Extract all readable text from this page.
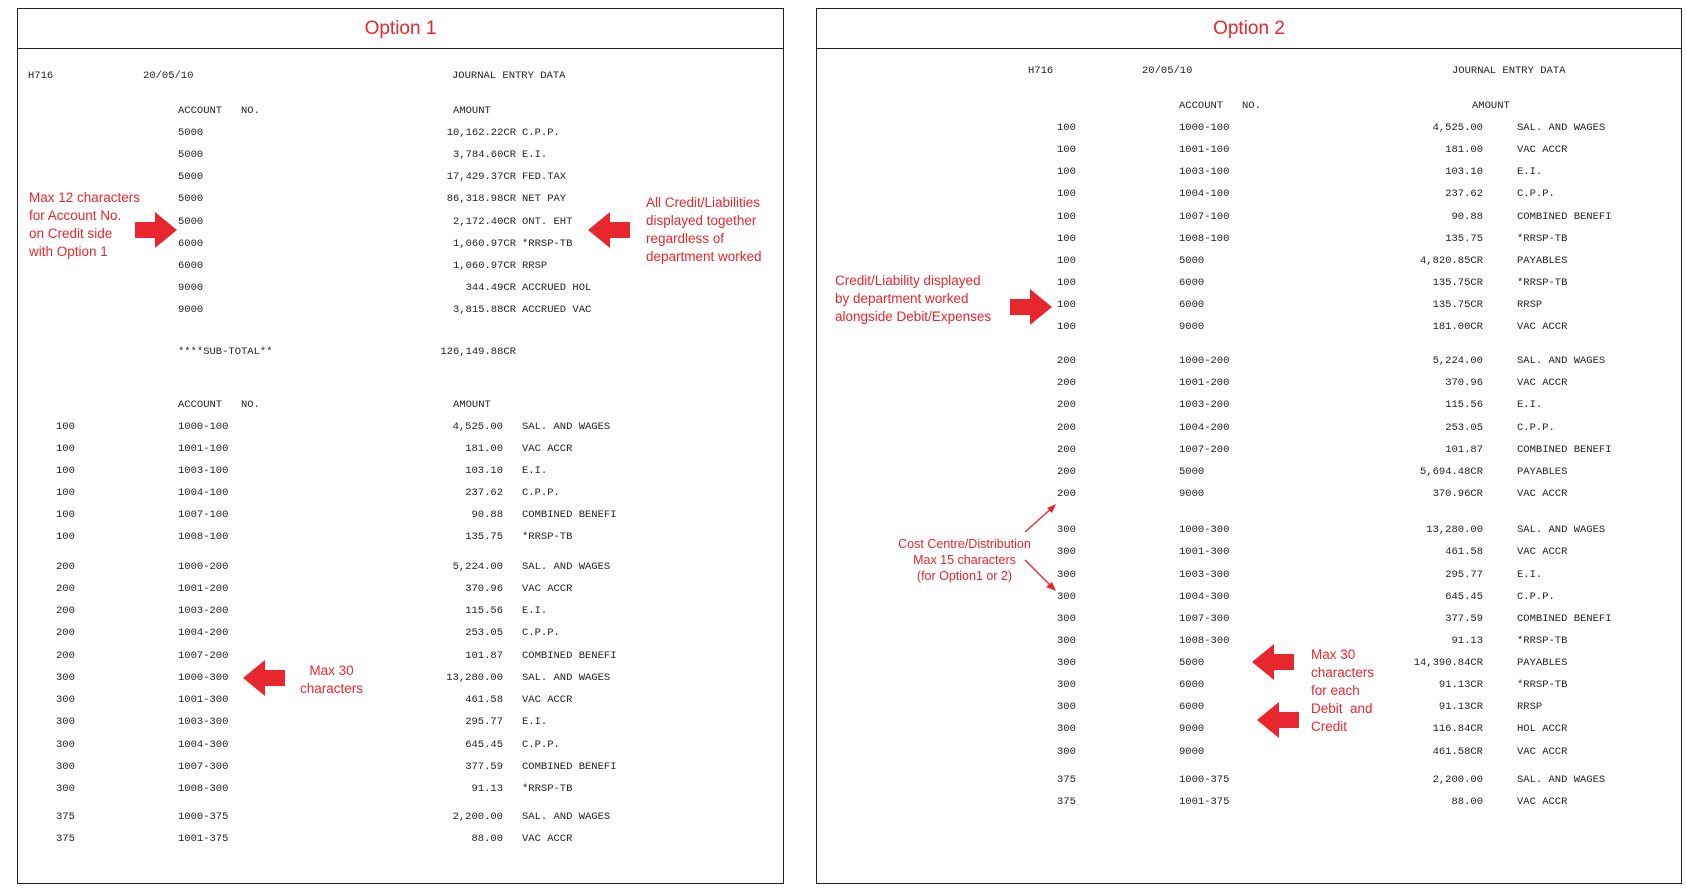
Option 1
H716	20/05/10	JOURNAL ENTRY DATA
ACCOUNT   NO.	AMOUNT
5000	10,162.22CR C.P.P.
5000	3,784.60CR E.I.
5000	17,429.37CR FED.TAX
5000	86,318.98CR NET PAY
5000	2,172.40CR ONT. EHT
6000	1,060.97CR *RRSP-TB
6000	1,060.97CR RRSP
9000	344.49CR ACCRUED HOL
9000	3,815.88CR ACCRUED VAC
****SUB-TOTAL**	126,149.88CR
ACCOUNT   NO.	AMOUNT
100	1000-100	4,525.00 SAL. AND WAGES
100	1001-100	181.00 VAC ACCR
100	1003-100	103.10 E.I.
100	1004-100	237.62 C.P.P.
100	1007-100	90.88 COMBINED BENEFI
100	1008-100	135.75 *RRSP-TB
200	1000-200	5,224.00 SAL. AND WAGES
200	1001-200	370.96 VAC ACCR
200	1003-200	115.56 E.I.
200	1004-200	253.05 C.P.P.
200	1007-200	101.87 COMBINED BENEFI
300	1000-300	13,280.00 SAL. AND WAGES
300	1001-300	461.58 VAC ACCR
300	1003-300	295.77 E.I.
300	1004-300	645.45 C.P.P.
300	1007-300	377.59 COMBINED BENEFI
300	1008-300	91.13 *RRSP-TB
375	1000-375	2,200.00 SAL. AND WAGES
375	1001-375	88.00 VAC ACCR
Max 12 characters
for Account No.
on Credit side
with Option 1
All Credit/Liabilities
displayed together
regardless of
department worked
Max 30
characters
Option 2
H716	20/05/10	JOURNAL ENTRY DATA
ACCOUNT   NO.	AMOUNT
100	1000-100	4,525.00	SAL. AND WAGES
100	1001-100	181.00	VAC ACCR
100	1003-100	103.10	E.I.
100	1004-100	237.62	C.P.P.
100	1007-100	90.88	COMBINED BENEFI
100	1008-100	135.75	*RRSP-TB
100	5000	4,820.85CR	PAYABLES
100	6000	135.75CR	*RRSP-TB
100	6000	135.75CR	RRSP
100	9000	181.00CR	VAC ACCR
200	1000-200	5,224.00	SAL. AND WAGES
200	1001-200	370.96	VAC ACCR
200	1003-200	115.56	E.I.
200	1004-200	253.05	C.P.P.
200	1007-200	101.87	COMBINED BENEFI
200	5000	5,694.48CR	PAYABLES
200	9000	370.96CR	VAC ACCR
300	1000-300	13,280.00	SAL. AND WAGES
300	1001-300	461.58	VAC ACCR
300	1003-300	295.77	E.I.
300	1004-300	645.45	C.P.P.
300	1007-300	377.59	COMBINED BENEFI
300	1008-300	91.13	*RRSP-TB
300	5000	14,390.84CR	PAYABLES
300	6000	91.13CR	*RRSP-TB
300	6000	91.13CR	RRSP
300	9000	116.84CR	HOL ACCR
300	9000	461.58CR	VAC ACCR
375	1000-375	2,200.00	SAL. AND WAGES
375	1001-375	88.00	VAC ACCR
Credit/Liability displayed
by department worked
alongside Debit/Expenses
Cost Centre/Distribution
Max 15 characters
(for Option1 or 2)
Max 30
characters
for each
Debit  and
Credit
